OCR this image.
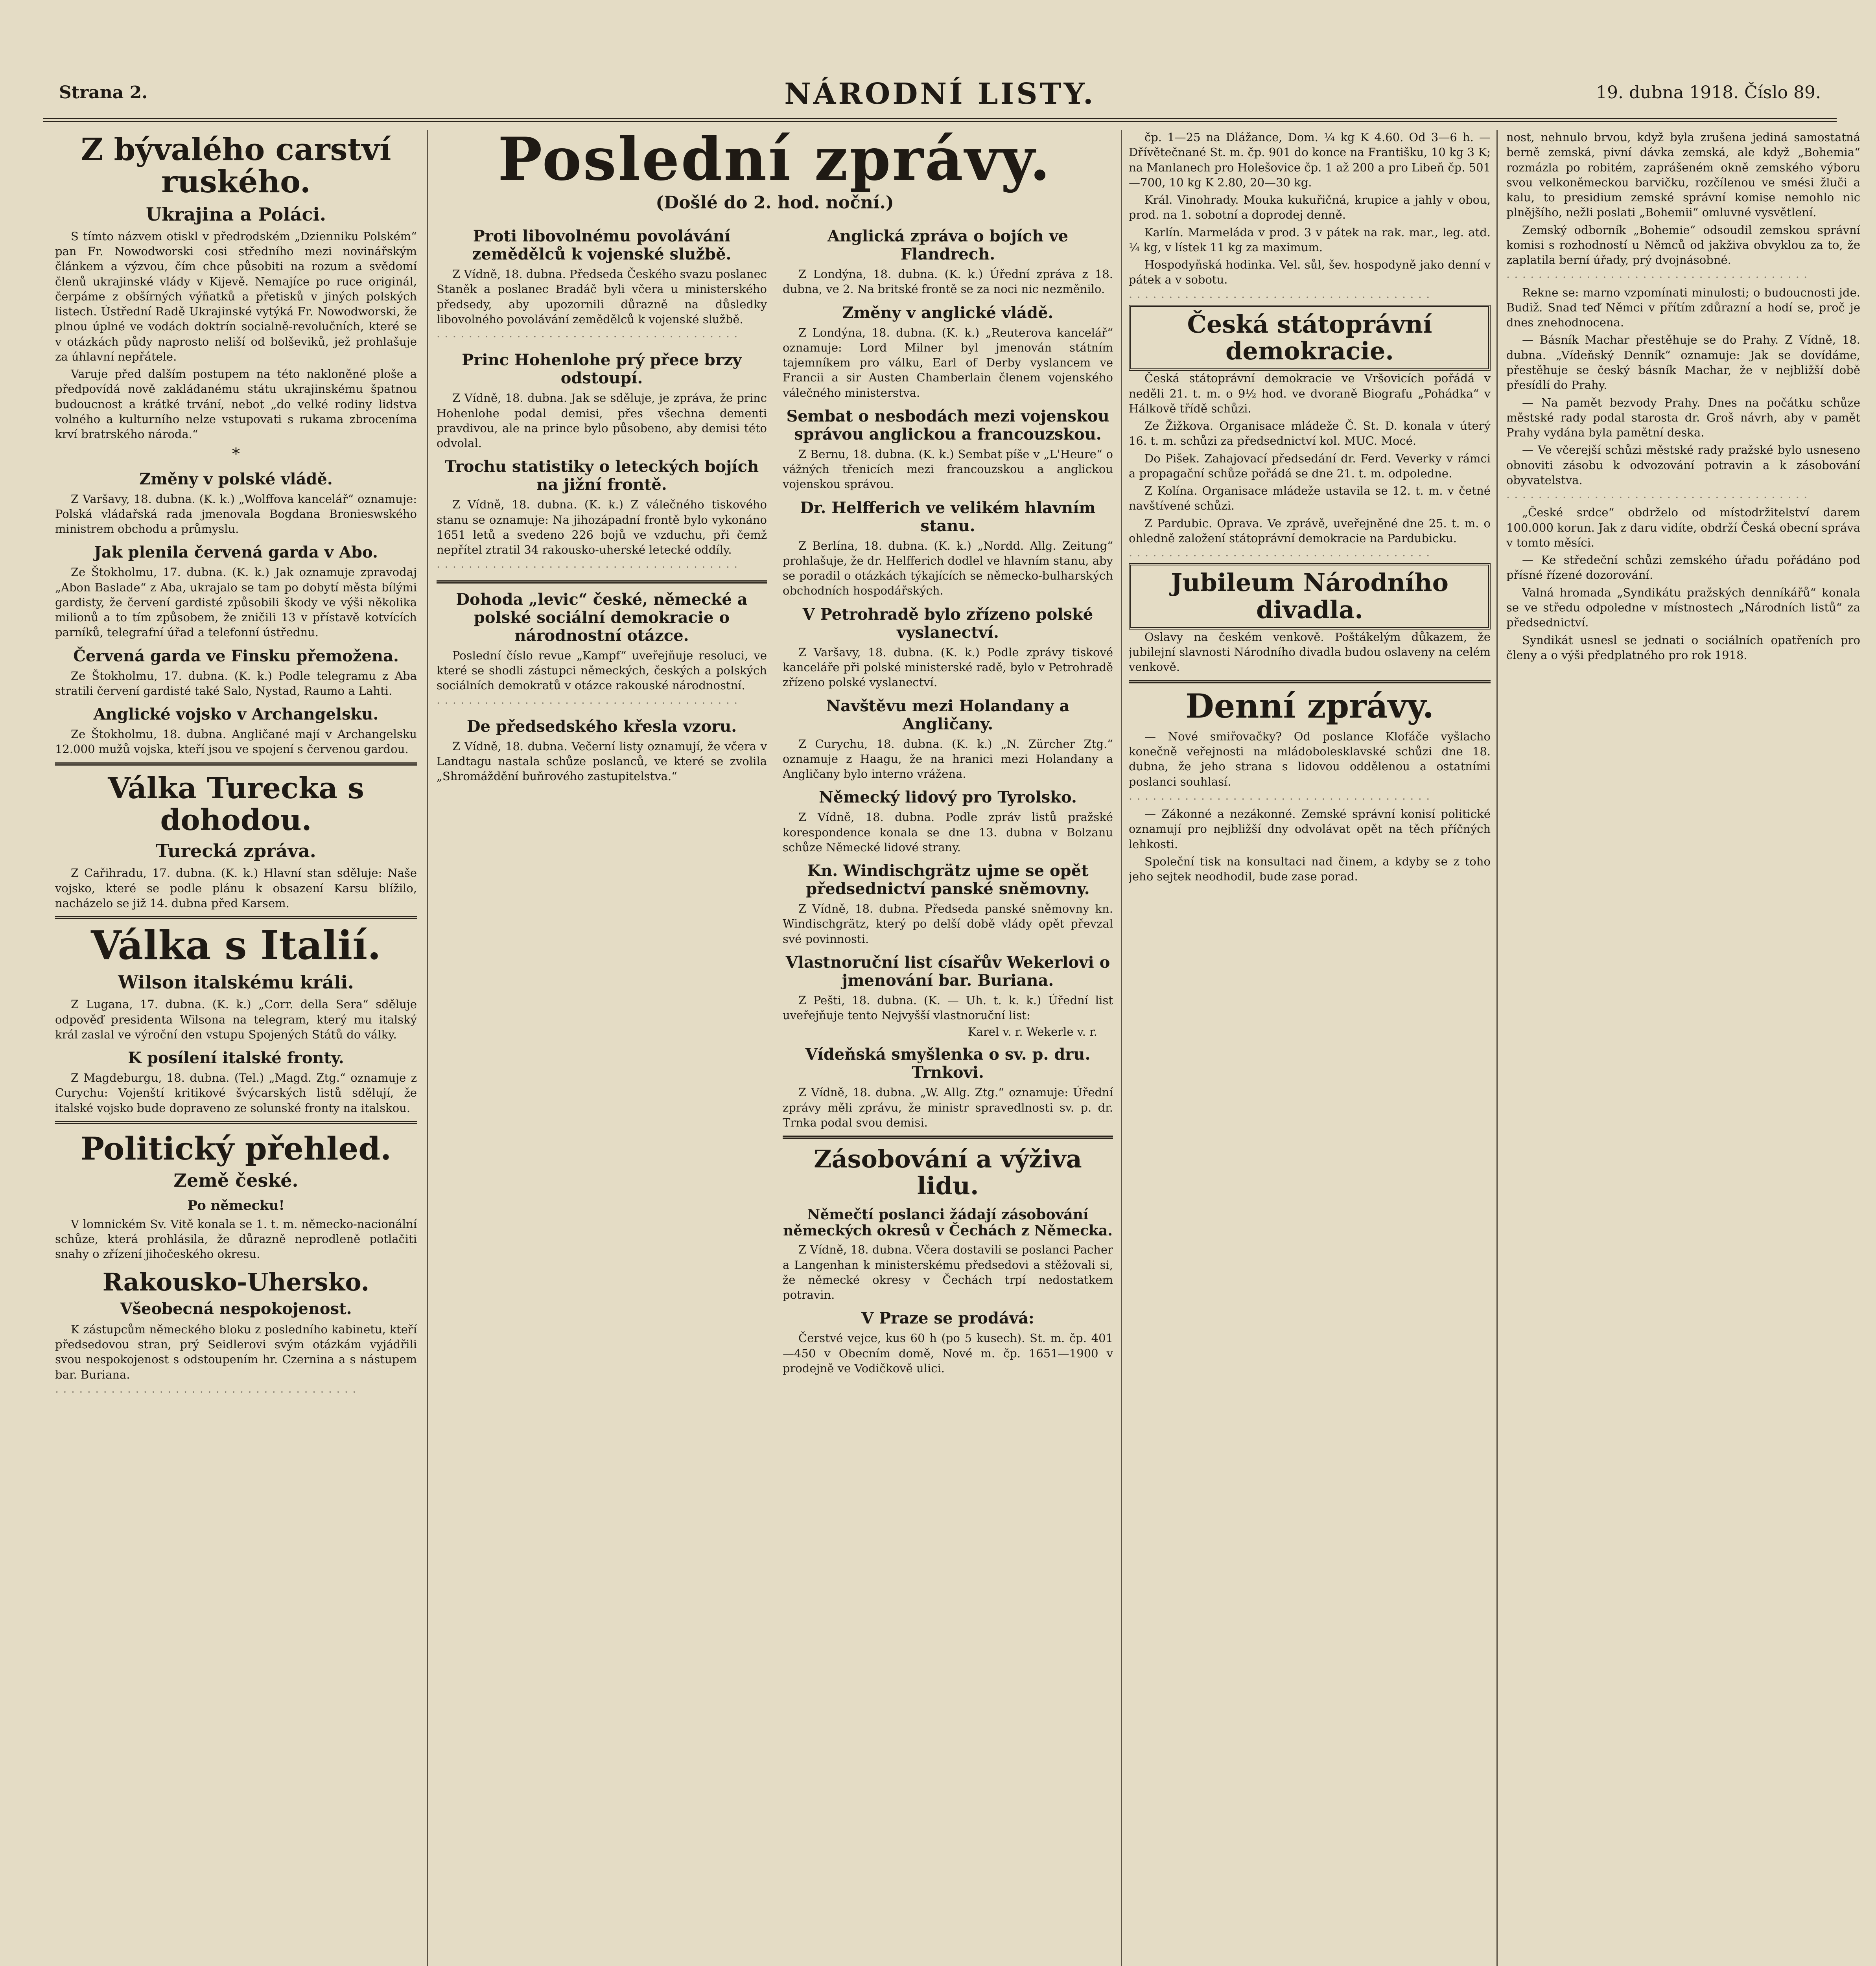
Strana 2.	NÁRODNÍ LISTY.	19. dubna 1918. Číslo 89.
Z bývalého carství ruského.
Ukrajina a Poláci.

S tímto názvem otiskl v předrodském „Dzienniku Polském“ pan Fr. Nowodworski cosi středního mezi novinářským článkem a výzvou, čím chce působiti na rozum a svědomí členů ukrajinské vlády v Kijevě. Nemajíce po ruce originál, čerpáme z obšírných výňatků a přetisků v jiných polských listech. Ústřední Radě Ukrajinské vytýká Fr. Nowodworski, že plnou úplné ve vodách doktrín socialně-revolučních, které se v otázkách půdy naprosto neliší od bolševiků, jež prohlašuje za úhlavní nepřátele.

Varuje před dalším postupem na této nakloněné ploše a předpovídá nově zakládanému státu ukrajinskému špatnou budoucnost a krátké trvání, nebot „do velké rodiny lidstva volného a kulturního nelze vstupovati s rukama zbroceníma krví bratrského národa.“

*
Změny v polské vládě.

Z Varšavy, 18. dubna. (K. k.) „Wolffova kancelář“ oznamuje: Polská vládařská rada jmenovala Bogdana Bronieswského ministrem obchodu a průmyslu.

Jak plenila červená garda v Abo.

Ze Štokholmu, 17. dubna. (K. k.) Jak oznamuje zpravodaj „Abon Baslade“ z Aba, ukrajalo se tam po dobytí města bílými gardisty, že červení gardisté způsobili škody ve výši několika milionů a to tím způsobem, že zničili 13 v přístavě kotvících parníků, telegrafní úřad a telefonní ústřednu.

Červená garda ve Finsku přemožena.

Ze Štokholmu, 17. dubna. (K. k.) Podle telegramu z Aba stratili červení gardisté také Salo, Nystad, Raumo a Lahti.

Anglické vojsko v Archangelsku.

Ze Štokholmu, 18. dubna. Angličané mají v Archangelsku 12.000 mužů vojska, kteří jsou ve spojení s červenou gardou.

Válka Turecka s dohodou.
Turecká zpráva.

Z Cařihradu, 17. dubna. (K. k.) Hlavní stan sděluje: Naše vojsko, které se podle plánu k obsazení Karsu blížilo, nacházelo se již 14. dubna před Karsem.

Válka s Italií.
Wilson italskému králi.

Z Lugana, 17. dubna. (K. k.) „Corr. della Sera“ sděluje odpověď presidenta Wilsona na telegram, který mu italský král zaslal ve výroční den vstupu Spojených Států do války.

K posílení italské fronty.

Z Magdeburgu, 18. dubna. (Tel.) „Magd. Ztg.“ oznamuje z Curychu: Vojenští kritikové švýcarských listů sdělují, že italské vojsko bude dopraveno ze solunské fronty na italskou.

Politický přehled.
Země české.
Po německu!

V lomnickém Sv. Vitě konala se 1. t. m. německo-nacionální schůze, která prohlásila, že důrazně neprodleně potlačiti snahy o zřízení jihočeského okresu.

Rakousko-Uhersko.
Všeobecná nespokojenost.

K zástupcům německého bloku z posledního kabinetu, kteří předsedovou stran, prý Seidlerovi svým otázkám vyjádřili svou nespokojenost s odstoupením hr. Czernina a s nástupem bar. Buriana.

· · · · · · · · · · · · · · · · · · · · · · · · · · · · · · · · · · · · · ·
Poslední zprávy.
(Došlé do 2. hod. noční.)
Proti libovolnému povolávání zemědělců k vojenské službě.

Z Vídně, 18. dubna. Předseda Českého svazu poslanec Staněk a poslanec Bradáč byli včera u ministerského předsedy, aby upozornili důrazně na důsledky libovolného povolávání zemědělců k vojenské službě.

· · · · · · · · · · · · · · · · · · · · · · · · · · · · · · · · · · · · · ·
Princ Hohenlohe prý přece brzy odstoupí.

Z Vídně, 18. dubna. Jak se sděluje, je zpráva, že princ Hohenlohe podal demisi, přes všechna dementi pravdivou, ale na prince bylo působeno, aby demisi této odvolal.

Trochu statistiky o leteckých bojích na jižní frontě.

Z Vídně, 18. dubna. (K. k.) Z válečného tiskového stanu se oznamuje: Na jihozápadní frontě bylo vykonáno 1651 letů a svedeno 226 bojů ve vzduchu, při čemž nepřítel ztratil 34 rakousko-uherské letecké oddíly.

· · · · · · · · · · · · · · · · · · · · · · · · · · · · · · · · · · · · · ·
Dohoda „levic“ české, německé a polské sociální demokracie o národnostní otázce.

Poslední číslo revue „Kampf“ uveřejňuje resoluci, ve které se shodli zástupci německých, českých a polských sociálních demokratů v otázce rakouské národnostní.

· · · · · · · · · · · · · · · · · · · · · · · · · · · · · · · · · · · · · ·
De předsedského křesla vzoru.

Z Vídně, 18. dubna. Večerní listy oznamují, že včera v Landtagu nastala schůze poslanců, ve které se zvolila „Shromáždění buňrového zastupitelstva.“

Anglická zpráva o bojích ve Flandrech.

Z Londýna, 18. dubna. (K. k.) Úřední zpráva z 18. dubna, ve 2. Na britské frontě se za noci nic nezměnilo.

Změny v anglické vládě.

Z Londýna, 18. dubna. (K. k.) „Reuterova kancelář“ oznamuje: Lord Milner byl jmenován státním tajemníkem pro válku, Earl of Derby vyslancem ve Francii a sir Austen Chamberlain členem vojenského válečného ministerstva.

Sembat o nesbodách mezi vojenskou správou anglickou a francouzskou.

Z Bernu, 18. dubna. (K. k.) Sembat píše v „L'Heure“ o vážných třenicích mezi francouzskou a anglickou vojenskou správou.

Dr. Helfferich ve velikém hlavním stanu.

Z Berlína, 18. dubna. (K. k.) „Nordd. Allg. Zeitung“ prohlašuje, že dr. Helfferich dodlel ve hlavním stanu, aby se poradil o otázkách týkajících se německo-bulharských obchodních hospodářských.

V Petrohradě bylo zřízeno polské vyslanectví.

Z Varšavy, 18. dubna. (K. k.) Podle zprávy tiskové kanceláře při polské ministerské radě, bylo v Petrohradě zřízeno polské vyslanectví.

Navštěvu mezi Holandany a Angličany.

Z Curychu, 18. dubna. (K. k.) „N. Zürcher Ztg.“ oznamuje z Haagu, že na hranici mezi Holandany a Angličany bylo interno vrážena.

Německý lidový pro Tyrolsko.

Z Vídně, 18. dubna. Podle zpráv listů pražské korespondence konala se dne 13. dubna v Bolzanu schůze Německé lidové strany.

Kn. Windischgrätz ujme se opět předsednictví panské sněmovny.

Z Vídně, 18. dubna. Předseda panské sněmovny kn. Windischgrätz, který po delší době vlády opět převzal své povinnosti.

Vlastnoruční list císařův Wekerlovi o jmenování bar. Buriana.

Z Pešti, 18. dubna. (K. — Uh. t. k. k.) Úřední list uveřejňuje tento Nejvyšší vlastnoruční list:

Karel v. r. Wekerle v. r.
Vídeňská smyšlenka o sv. p. dru. Trnkovi.

Z Vídně, 18. dubna. „W. Allg. Ztg.“ oznamuje: Úřední zprávy měli zprávu, že ministr spravedlnosti sv. p. dr. Trnka podal svou demisi.

Zásobování a výživa lidu.
Němečtí poslanci žádají zásobování německých okresů v Čechách z Německa.

Z Vídně, 18. dubna. Včera dostavili se poslanci Pacher a Langenhan k ministerskému předsedovi a stěžovali si, že německé okresy v Čechách trpí nedostatkem potravin.

V Praze se prodává:

Čerstvé vejce, kus 60 h (po 5 kusech). St. m. čp. 401—450 v Obecním domě, Nové m. čp. 1651—1900 v prodejně ve Vodičkově ulici.

čp. 1—25 na Dlážance, Dom. ¼ kg K 4.60. Od 3—6 h. — Dřívětečnané St. m. čp. 901 do konce na Františku, 10 kg 3 K; na Manlanech pro Holešovice čp. 1 až 200 a pro Libeň čp. 501—700, 10 kg K 2.80, 20—30 kg.

Král. Vinohrady. Mouka kukuřičná, krupice a jahly v obou, prod. na 1. sobotní a doprodej denně.

Karlín. Marmeláda v prod. 3 v pátek na rak. mar., leg. atd. ¼ kg, v lístek 11 kg za maximum.

Hospodyňská hodinka. Vel. sůl, šev. hospodyně jako denní v pátek a v sobotu.

· · · · · · · · · · · · · · · · · · · · · · · · · · · · · · · · · · · · · ·
Česká státoprávní demokracie.

Česká státoprávní demokracie ve Vršovicích pořádá v neděli 21. t. m. o 9½ hod. ve dvoraně Biografu „Pohádka“ v Hálkově třídě schůzi.

Ze Žižkova. Organisace mládeže Č. St. D. konala v úterý 16. t. m. schůzi za předsednictví kol. MUC. Mocé.

Do Pišek. Zahajovací předsedání dr. Ferd. Veverky v rámci a propagační schůze pořádá se dne 21. t. m. odpoledne.

Z Kolína. Organisace mládeže ustavila se 12. t. m. v četné navštívené schůzi.

Z Pardubic. Oprava. Ve zprávě, uveřejněné dne 25. t. m. o ohledně založení státoprávní demokracie na Pardubicku.

· · · · · · · · · · · · · · · · · · · · · · · · · · · · · · · · · · · · · ·
Jubileum Národního divadla.

Oslavy na českém venkově. Poštákelým důkazem, že jubilejní slavnosti Národního divadla budou oslaveny na celém venkově.

Denní zprávy.

— Nové smiřovačky? Od poslance Klofáče vyšlacho konečně veřejnosti na mládobolesklavské schůzi dne 18. dubna, že jeho strana s lidovou oddělenou a ostatními poslanci souhlasí.

· · · · · · · · · · · · · · · · · · · · · · · · · · · · · · · · · · · · · ·

— Zákonné a nezákonné. Zemské správní konisí politické oznamují pro nejbližší dny odvolávat opět na těch příčných lehkosti.

Společní tisk na konsultaci nad činem, a kdyby se z toho jeho sejtek neodhodil, bude zase porad.

nost, nehnulo brvou, když byla zrušena jediná samostatná berně zemská, pivní dávka zemská, ale když „Bohemia“ rozmázla po robitém, zaprášeném okně zemského výboru svou velkoněmeckou barvičku, rozčílenou ve smési žluči a kalu, to presidium zemské správní komise nemohlo nic plnějšího, nežli poslati „Bohemii“ omluvné vysvětlení.

Zemský odborník „Bohemie“ odsoudil zemskou správní komisi s rozhodností u Němců od jakživa obvyklou za to, že zaplatila berní úřady, prý dvojnásobné.

· · · · · · · · · · · · · · · · · · · · · · · · · · · · · · · · · · · · · ·

Rekne se: marno vzpomínati minulosti; o budoucnosti jde. Budiž. Snad teď Němci v přítím zdůrazní a hodí se, proč je dnes znehodnocena.

— Básník Machar přestěhuje se do Prahy. Z Vídně, 18. dubna. „Vídeňský Denník“ oznamuje: Jak se dovídáme, přestěhuje se český básník Machar, že v nejbližší době přesídlí do Prahy.

— Na pamět bezvody Prahy. Dnes na počátku schůze městské rady podal starosta dr. Groš návrh, aby v pamět Prahy vydána byla pamětní deska.

— Ve včerejší schůzi městské rady pražské bylo usneseno obnoviti zásobu k odvozování potravin a k zásobování obyvatelstva.

· · · · · · · · · · · · · · · · · · · · · · · · · · · · · · · · · · · · · ·

„České srdce“ obdrželo od místodržitelství darem 100.000 korun. Jak z daru vidíte, obdrží Česká obecní správa v tomto měsíci.

— Ke středeční schůzi zemského úřadu pořádáno pod přísné řízené dozorování.

Valná hromada „Syndikátu pražských denníkářů“ konala se ve středu odpoledne v místnostech „Národních listů“ za předsednictví.

Syndikát usnesl se jednati o sociálních opatřeních pro členy a o výši předplatného pro rok 1918.
